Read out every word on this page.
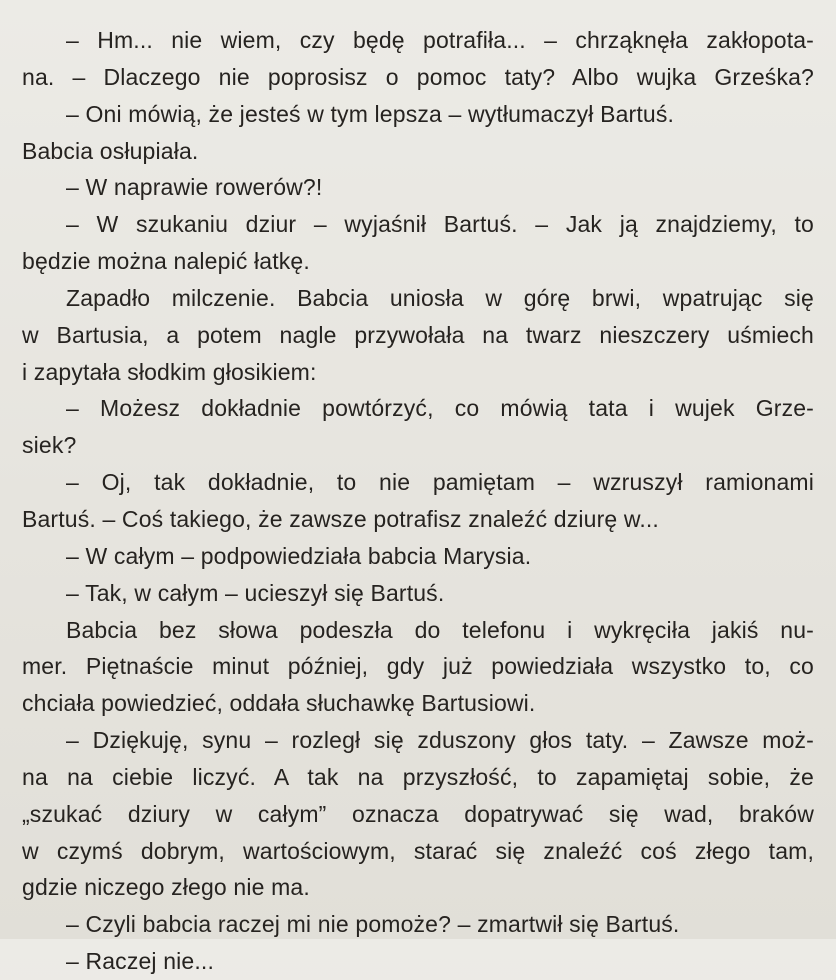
– Hm... nie wiem, czy będę potrafiła... – chrząknęła zakłopota-
na. – Dlaczego nie poprosisz o pomoc taty? Albo wujka Grześka?
– Oni mówią, że jesteś w tym lepsza – wytłumaczył Bartuś.
Babcia osłupiała.
– W naprawie rowerów?!
– W szukaniu dziur – wyjaśnił Bartuś. – Jak ją znajdziemy, to
będzie można nalepić łatkę.
Zapadło milczenie. Babcia uniosła w górę brwi, wpatrując się
w Bartusia, a potem nagle przywołała na twarz nieszczery uśmiech
i zapytała słodkim głosikiem:
– Możesz dokładnie powtórzyć, co mówią tata i wujek Grze-
siek?
– Oj, tak dokładnie, to nie pamiętam – wzruszył ramionami
Bartuś. – Coś takiego, że zawsze potrafisz znaleźć dziurę w...
– W całym – podpowiedziała babcia Marysia.
– Tak, w całym – ucieszył się Bartuś.
Babcia bez słowa podeszła do telefonu i wykręciła jakiś nu-
mer. Piętnaście minut później, gdy już powiedziała wszystko to, co
chciała powiedzieć, oddała słuchawkę Bartusiowi.
– Dziękuję, synu – rozległ się zduszony głos taty. – Zawsze moż-
na na ciebie liczyć. A tak na przyszłość, to zapamiętaj sobie, że
„szukać dziury w całym” oznacza dopatrywać się wad, braków
w czymś dobrym, wartościowym, starać się znaleźć coś złego tam,
gdzie niczego złego nie ma.
– Czyli babcia raczej mi nie pomoże? – zmartwił się Bartuś.
– Raczej nie...
